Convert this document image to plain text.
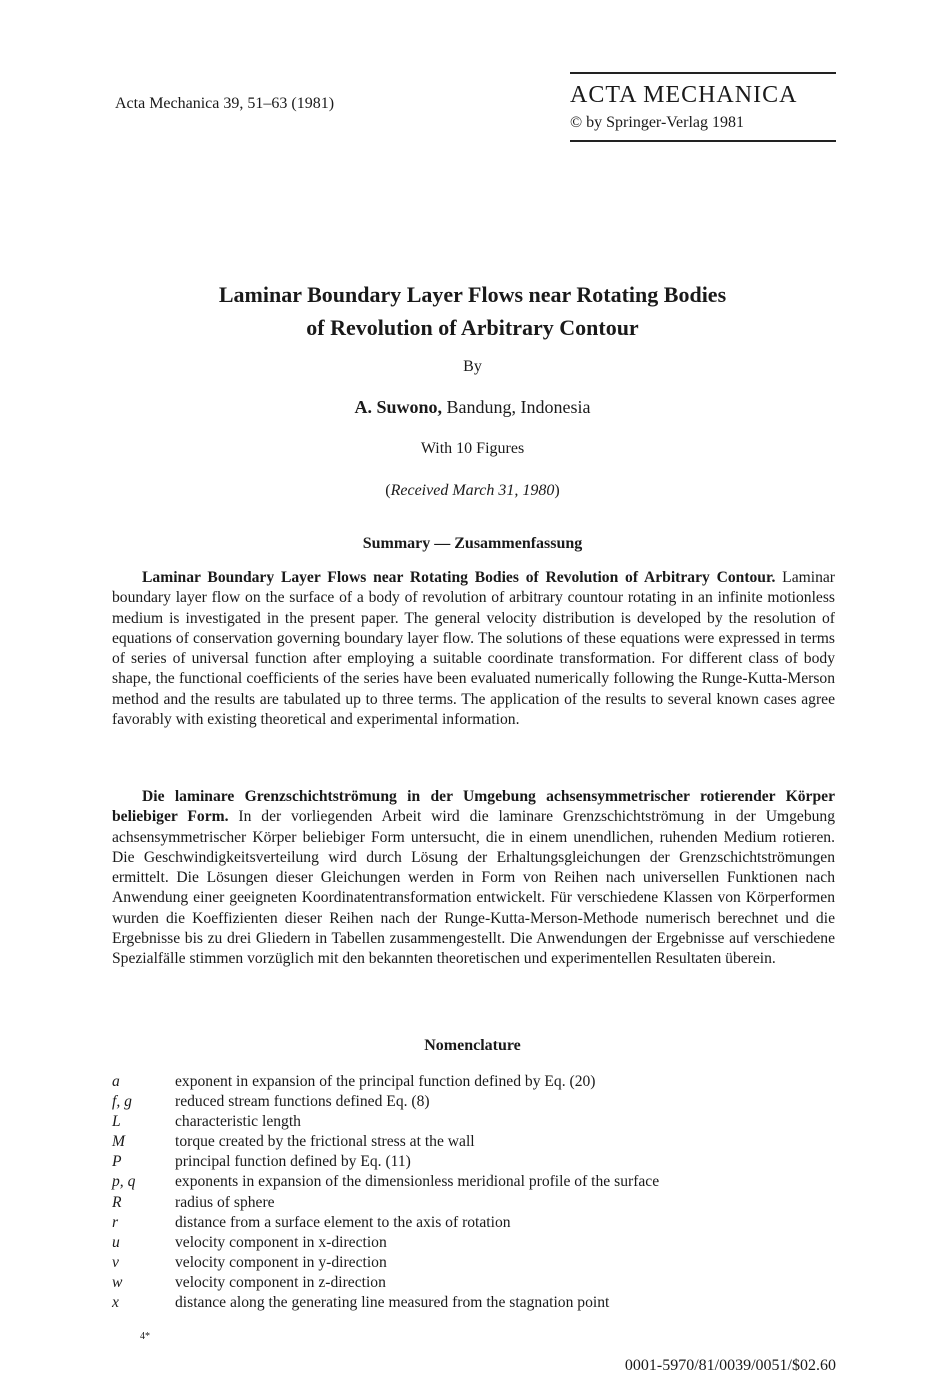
Acta Mechanica 39, 51–63 (1981)	ACTA MECHANICA
© by Springer-Verlag 1981
Laminar Boundary Layer Flows near Rotating Bodies
of Revolution of Arbitrary Contour
By
A. Suwono, Bandung, Indonesia
With 10 Figures
(Received March 31, 1980)
Summary — Zusammenfassung
Laminar Boundary Layer Flows near Rotating Bodies of Revolution of Arbitrary Contour. Laminar boundary layer flow on the surface of a body of revolution of arbitrary countour rotating in an infinite motionless medium is investigated in the present paper. The general velocity distribution is developed by the resolution of equations of conservation governing boundary layer flow. The solutions of these equations were expressed in terms of series of universal function after employing a suitable coordinate transformation. For different class of body shape, the functional coefficients of the series have been evaluated numerically following the Runge-Kutta-Merson method and the results are tabulated up to three terms. The application of the results to several known cases agree favorably with existing theoretical and experimental information.
Die laminare Grenzschichtströmung in der Umgebung achsensymmetrischer rotierender Körper beliebiger Form. In der vorliegenden Arbeit wird die laminare Grenzschichtströmung in der Umgebung achsensymmetrischer Körper beliebiger Form untersucht, die in einem unendlichen, ruhenden Medium rotieren. Die Geschwindigkeitsverteilung wird durch Lösung der Erhaltungsgleichungen der Grenzschichtströmungen ermittelt. Die Lösungen dieser Gleichungen werden in Form von Reihen nach universellen Funktionen nach Anwendung einer geeigneten Koordinatentransformation entwickelt. Für verschiedene Klassen von Körperformen wurden die Koeffizienten dieser Reihen nach der Runge-Kutta-Merson-Methode numerisch berechnet und die Ergebnisse bis zu drei Gliedern in Tabellen zusammengestellt. Die Anwendungen der Ergebnisse auf verschiedene Spezialfälle stimmen vorzüglich mit den bekannten theoretischen und experimentellen Resultaten überein.
Nomenclature
a	exponent in expansion of the principal function defined by Eq. (20)
f, g	reduced stream functions defined Eq. (8)
L	characteristic length
M	torque created by the frictional stress at the wall
P	principal function defined by Eq. (11)
p, q	exponents in expansion of the dimensionless meridional profile of the surface
R	radius of sphere
r	distance from a surface element to the axis of rotation
u	velocity component in x-direction
v	velocity component in y-direction
w	velocity component in z-direction
x	distance along the generating line measured from the stagnation point
4*
0001-5970/81/0039/0051/$02.60
